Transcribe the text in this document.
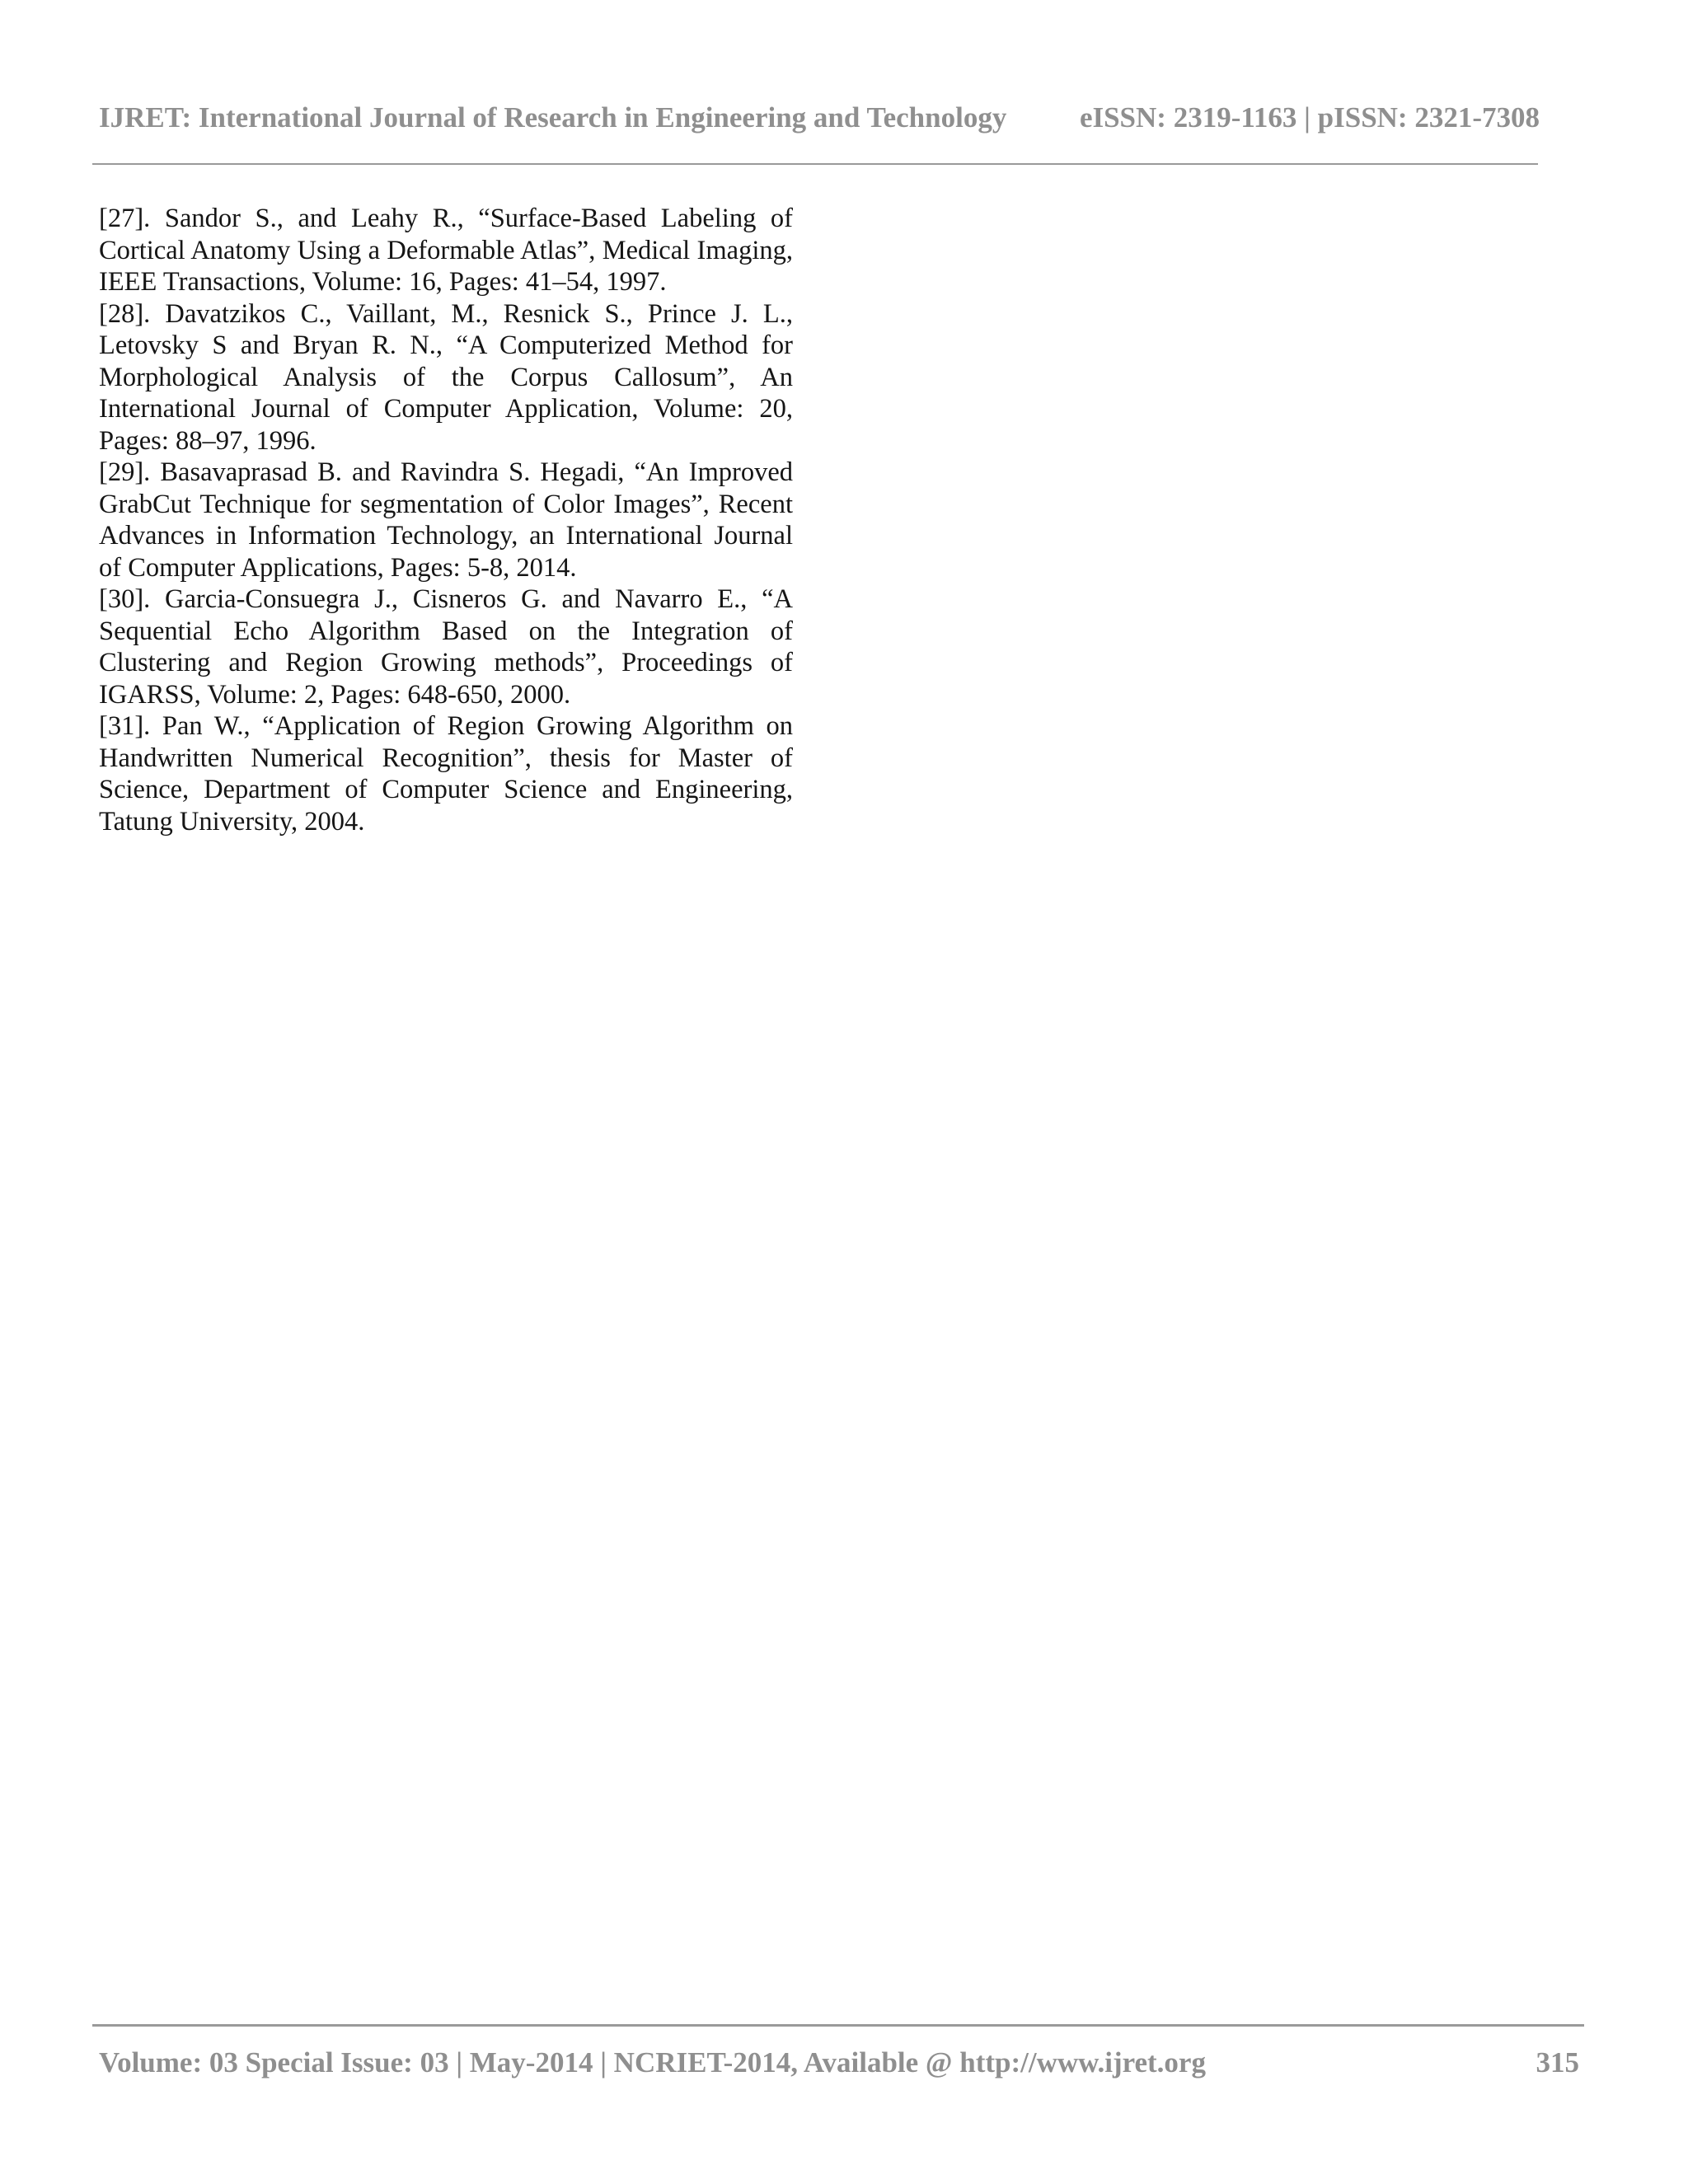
IJRET: International Journal of Research in Engineering and Technology	eISSN: 2319-1163 | pISSN: 2321-7308

[27]. Sandor S., and Leahy R., “Surface-Based Labeling of Cortical Anatomy Using a Deformable Atlas”, Medical Imaging, IEEE Transactions, Volume: 16, Pages: 41–54, 1997.

[28]. Davatzikos C., Vaillant, M., Resnick S., Prince J. L., Letovsky S and Bryan R. N., “A Computerized Method for Morphological Analysis of the Corpus Callosum”, An International Journal of Computer Application, Volume: 20, Pages: 88–97, 1996.

[29]. Basavaprasad B. and Ravindra S. Hegadi, “An Improved GrabCut Technique for segmentation of Color Images”, Recent Advances in Information Technology, an International Journal of Computer Applications, Pages: 5-8, 2014.

[30]. Garcia-Consuegra J., Cisneros G. and Navarro E., “A Sequential Echo Algorithm Based on the Integration of Clustering and Region Growing methods”, Proceedings of IGARSS, Volume: 2, Pages: 648-650, 2000.

[31]. Pan W., “Application of Region Growing Algorithm on Handwritten Numerical Recognition”, thesis for Master of Science, Department of Computer Science and Engineering, Tatung University, 2004.

Volume: 03 Special Issue: 03 | May-2014 | NCRIET-2014, Available @ http://www.ijret.org	315
